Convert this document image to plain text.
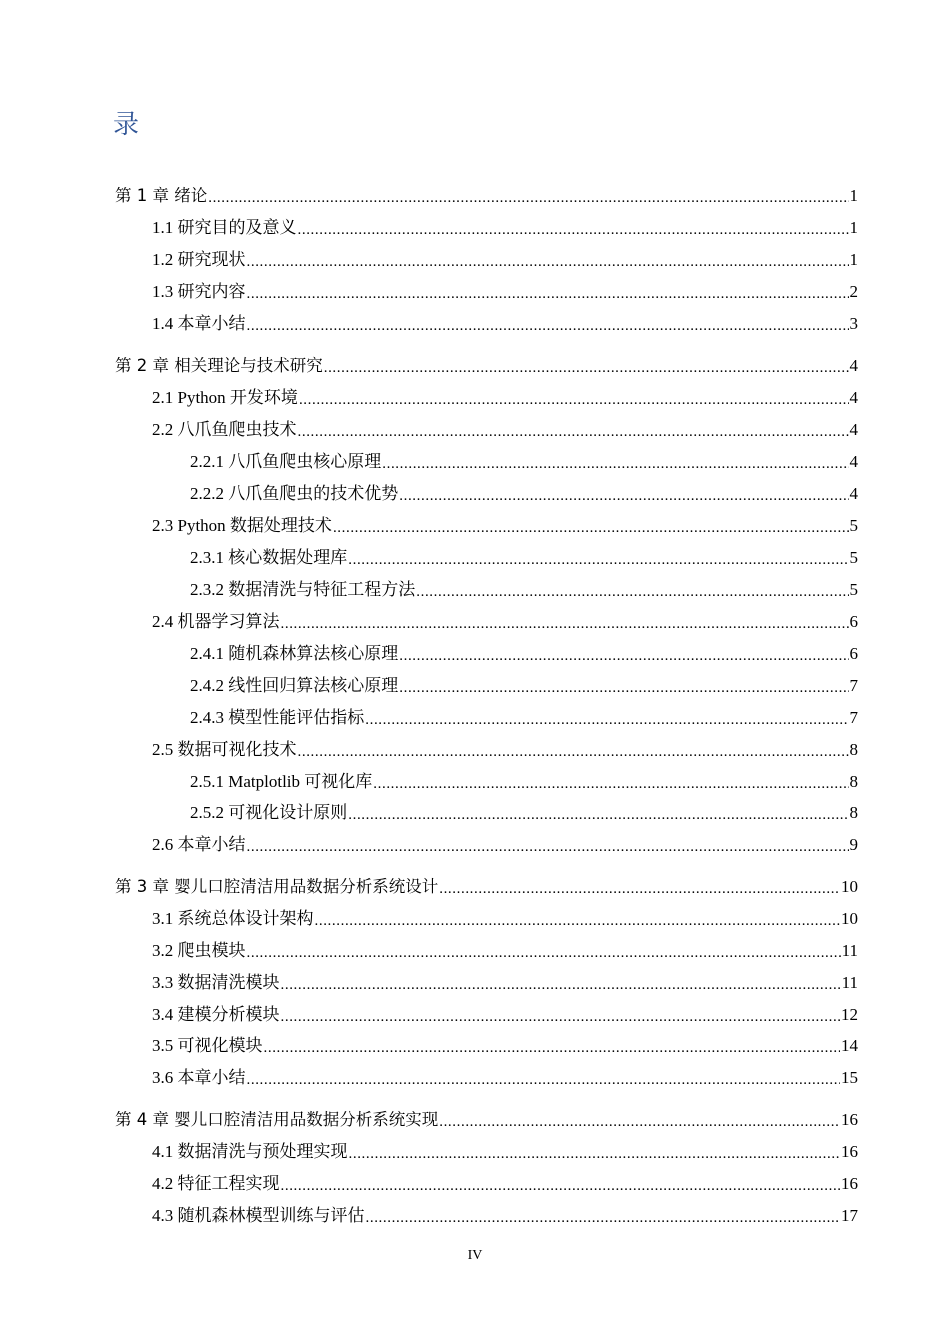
录
第 1 章 绪论 .....	1
1.1 研究目的及意义 .....	1
1.2 研究现状 .....	1
1.3 研究内容 .....	2
1.4 本章小结 .....	3
第 2 章 相关理论与技术研究 .....	4
2.1 Python 开发环境 .....	4
2.2 八爪鱼爬虫技术 .....	4
2.2.1 八爪鱼爬虫核心原理 .....	4
2.2.2 八爪鱼爬虫的技术优势 .....	4
2.3 Python 数据处理技术 .....	5
2.3.1 核心数据处理库 .....	5
2.3.2 数据清洗与特征工程方法 .....	5
2.4 机器学习算法 .....	6
2.4.1 随机森林算法核心原理 .....	6
2.4.2 线性回归算法核心原理 .....	7
2.4.3 模型性能评估指标 .....	7
2.5 数据可视化技术 .....	8
2.5.1 Matplotlib 可视化库 .....	8
2.5.2 可视化设计原则 .....	8
2.6 本章小结 .....	9
第 3 章 婴儿口腔清洁用品数据分析系统设计 .....	10
3.1 系统总体设计架构 .....	10
3.2 爬虫模块 .....	11
3.3 数据清洗模块 .....	11
3.4 建模分析模块 .....	12
3.5 可视化模块 .....	14
3.6 本章小结 .....	15
第 4 章 婴儿口腔清洁用品数据分析系统实现 .....	16
4.1 数据清洗与预处理实现 .....	16
4.2 特征工程实现 .....	16
4.3 随机森林模型训练与评估 .....	17
IV
